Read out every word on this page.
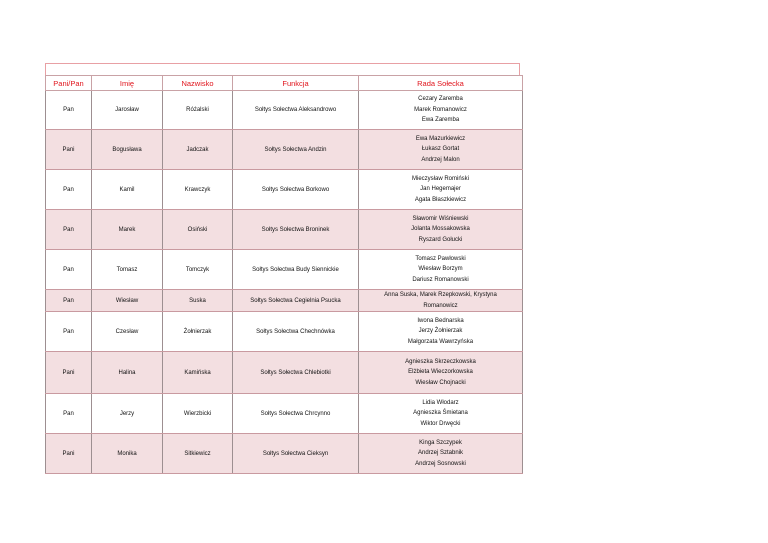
Pani/Pan	Imię	Nazwisko	Funkcja	Rada Sołecka
Pan	Jarosław	Różalski	Sołtys Sołectwa Aleksandrowo	Cezary Zaremba
Marek Romanowicz
Ewa Zaremba

Pani	Bogusława	Jadczak	Sołtys Sołectwa Andzin	Ewa Mazurkiewicz
Łukasz Gortat
Andrzej Malon

Pan	Kamil	Krawczyk	Sołtys Sołectwa Borkowo	Mieczysław Romiński
Jan Hegemajer
Agata Błaszkiewicz

Pan	Marek	Osiński	Sołtys Sołectwa Broninek	Sławomir Wiśniewski
Jolanta Mossakowska
Ryszard Gołucki

Pan	Tomasz	Tomczyk	Sołtys Sołectwa Budy Siennickie	Tomasz Pawłowski
Wiesław Borzym
Dariusz Romanowski

Pan	Wiesław	Suska	Sołtys Sołectwa Cegielnia Psucka	Anna Suska, Marek Rzepkowski, Krystyna
Romanowicz

Pan	Czesław	Żołnierzak	Sołtys Sołectwa Chechnówka	Iwona Bednarska
Jerzy Żołnierzak
Małgorzata Wawrzyńska

Pani	Halina	Kamińska	Sołtys Sołectwa Chlebiotki	Agnieszka Skrzeczkowska
Elżbieta Wieczorkowska
Wiesław Chojnacki

Pan	Jerzy	Wierzbicki	Sołtys Sołectwa Chrcynno	Lidia Włodarz
Agnieszka Śmietana
Wiktor Drwęcki

Pani	Monika	Sitkiewicz	Sołtys Sołectwa Cieksyn	Kinga Szczypek
Andrzej Sztabnik
Andrzej Sosnowski
